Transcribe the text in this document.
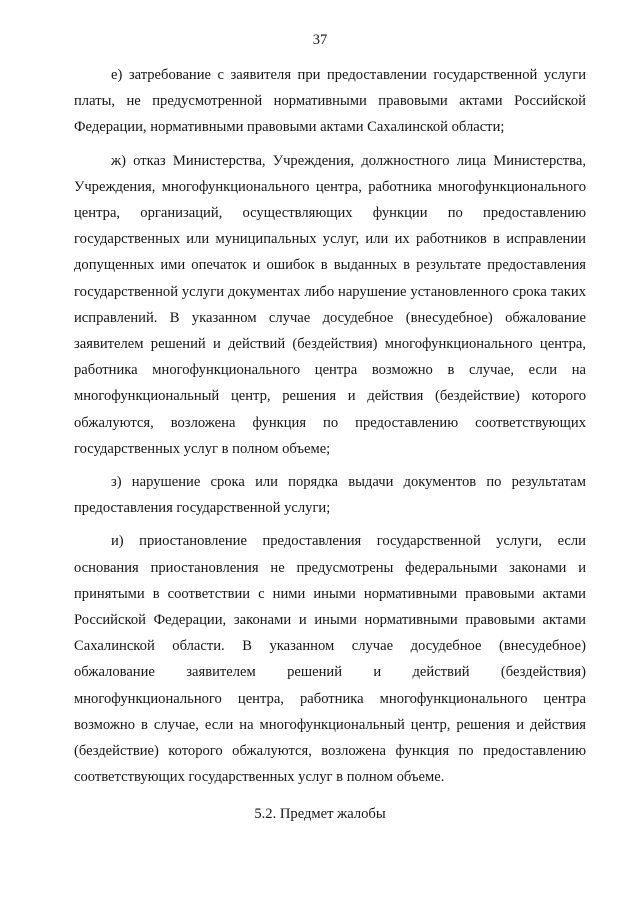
37

е) затребование с заявителя при предоставлении государственной услуги платы, не предусмотренной нормативными правовыми актами Российской Федерации, нормативными правовыми актами Сахалинской области;

ж) отказ Министерства, Учреждения, должностного лица Министерства, Учреждения, многофункционального центра, работника многофункционального центра, организаций, осуществляющих функции по предоставлению государственных или муниципальных услуг, или их работников в исправлении допущенных ими опечаток и ошибок в выданных в результате предоставления государственной услуги документах либо нарушение установленного срока таких исправлений. В указанном случае досудебное (внесудебное) обжалование заявителем решений и действий (бездействия) многофункционального центра, работника многофункционального центра возможно в случае, если на многофункциональный центр, решения и действия (бездействие) которого обжалуются, возложена функция по предоставлению соответствующих государственных услуг в полном объеме;

з) нарушение срока или порядка выдачи документов по результатам предоставления государственной услуги;

и) приостановление предоставления государственной услуги, если основания приостановления не предусмотрены федеральными законами и принятыми в соответствии с ними иными нормативными правовыми актами Российской Федерации, законами и иными нормативными правовыми актами Сахалинской области. В указанном случае досудебное (внесудебное) обжалование заявителем решений и действий (бездействия) многофункционального центра, работника многофункционального центра возможно в случае, если на многофункциональный центр, решения и действия (бездействие) которого обжалуются, возложена функция по предоставлению соответствующих государственных услуг в полном объеме.

5.2. Предмет жалобы
